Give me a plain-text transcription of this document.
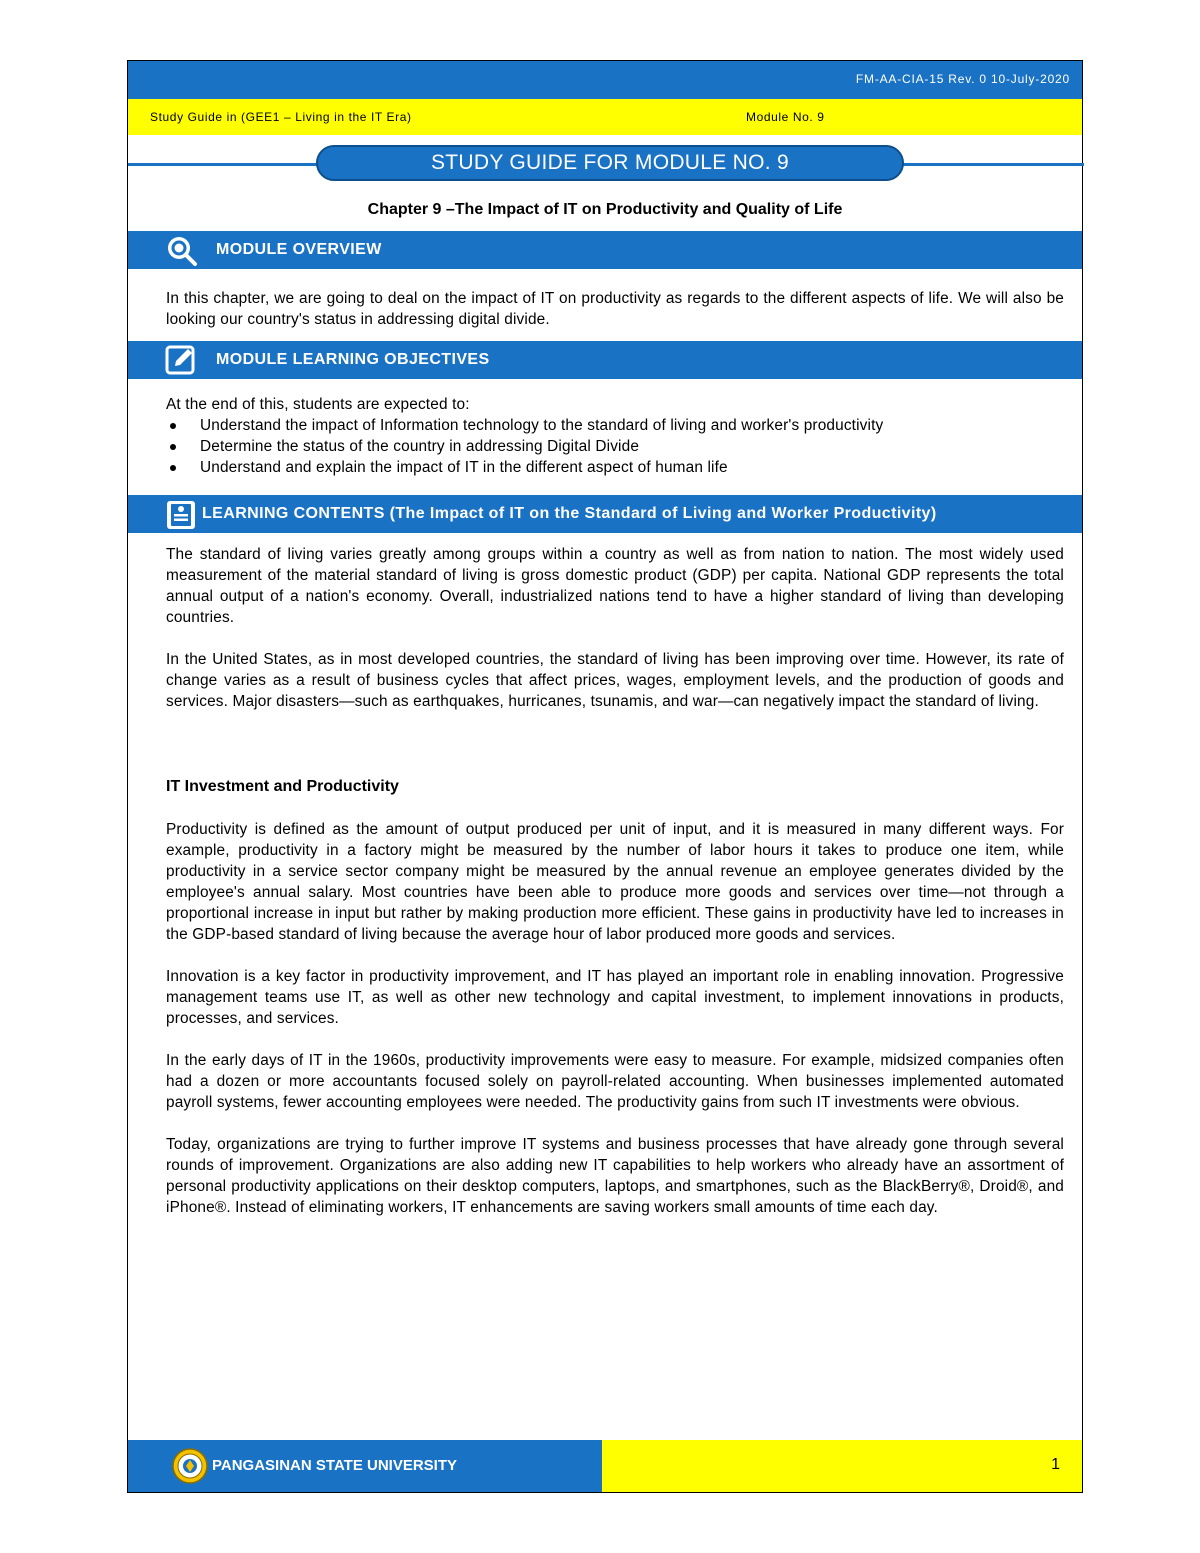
FM-AA-CIA-15 Rev. 0 10-July-2020
Study Guide in (GEE1 – Living in the IT Era)	Module No. 9
STUDY GUIDE FOR MODULE NO. 9
Chapter 9 –The Impact of IT on Productivity and Quality of Life
MODULE OVERVIEW
In this chapter, we are going to deal on the impact of IT on productivity as regards to the different aspects of life. We will also be looking our country's status in addressing digital divide.
MODULE LEARNING OBJECTIVES
At the end of this, students are expected to:
Understand the impact of Information technology to the standard of living and worker's productivity
Determine the status of the country in addressing Digital Divide
Understand and explain the impact of IT in the different aspect of human life
LEARNING CONTENTS (The Impact of IT on the Standard of Living and Worker Productivity)

The standard of living varies greatly among groups within a country as well as from nation to nation. The most widely used measurement of the material standard of living is gross domestic product (GDP) per capita. National GDP represents the total annual output of a nation's economy. Overall, industrialized nations tend to have a higher standard of living than developing countries.

In the United States, as in most developed countries, the standard of living has been improving over time. However, its rate of change varies as a result of business cycles that affect prices, wages, employment levels, and the production of goods and services. Major disasters—such as earthquakes, hurricanes, tsunamis, and war—can negatively impact the standard of living.

IT Investment and Productivity

Productivity is defined as the amount of output produced per unit of input, and it is measured in many different ways. For example, productivity in a factory might be measured by the number of labor hours it takes to produce one item, while productivity in a service sector company might be measured by the annual revenue an employee generates divided by the employee's annual salary. Most countries have been able to produce more goods and services over time—not through a proportional increase in input but rather by making production more efficient. These gains in productivity have led to increases in the GDP-based standard of living because the average hour of labor produced more goods and services.

Innovation is a key factor in productivity improvement, and IT has played an important role in enabling innovation. Progressive management teams use IT, as well as other new technology and capital investment, to implement innovations in products, processes, and services.

In the early days of IT in the 1960s, productivity improvements were easy to measure. For example, midsized companies often had a dozen or more accountants focused solely on payroll-related accounting. When businesses implemented automated payroll systems, fewer accounting employees were needed. The productivity gains from such IT investments were obvious.

Today, organizations are trying to further improve IT systems and business processes that have already gone through several rounds of improvement. Organizations are also adding new IT capabilities to help workers who already have an assortment of personal productivity applications on their desktop computers, laptops, and smartphones, such as the BlackBerry®, Droid®, and iPhone®. Instead of eliminating workers, IT enhancements are saving workers small amounts of time each day.

PANGASINAN STATE UNIVERSITY	1
